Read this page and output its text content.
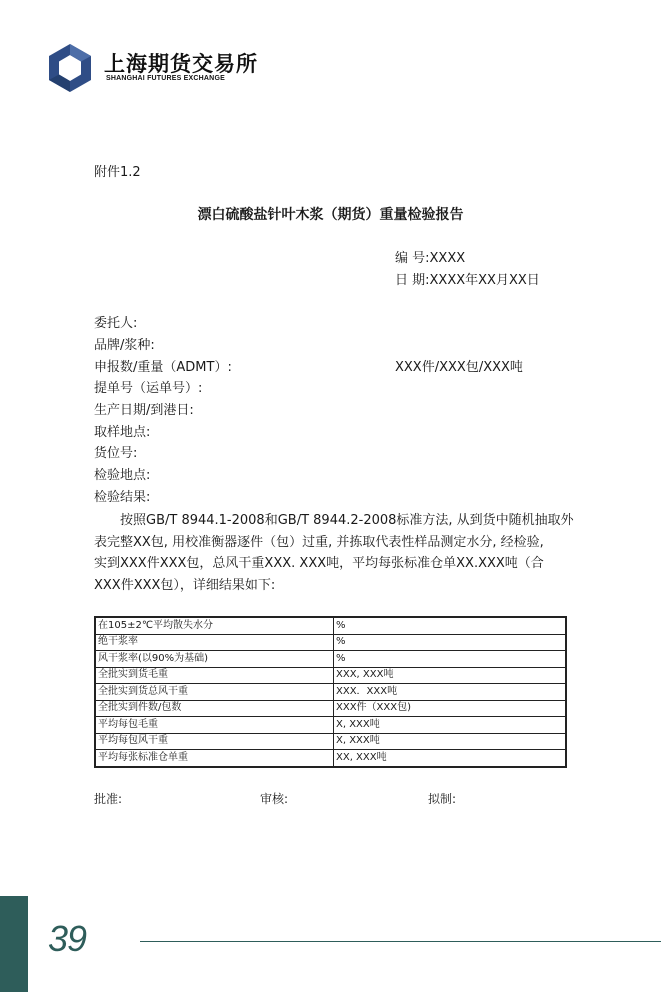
上海期货交易所
SHANGHAI FUTURES EXCHANGE
附件1.2
漂白硫酸盐针叶木浆（期货）重量检验报告
编 号:XXXX
日 期:XXXX年XX月XX日
委托人:
品牌/浆种:
申报数/重量（ADMT）:	XXX件/XXX包/XXX吨
提单号（运单号）:
生产日期/到港日:
取样地点:
货位号:
检验地点:
检验结果:
按照GB/T 8944.1-2008和GB/T 8944.2-2008标准方法, 从到货中随机抽取外
表完整XX包, 用校准衡器逐件（包）过重, 并拣取代表性样品测定水分, 经检验,
实到XXX件XXX包，总风干重XXX. XXX吨，平均每张标准仓单XX.XXX吨（合
XXX件XXX包），详细结果如下:
在105±2℃平均散失水分	%
绝干浆率	%
风干浆率(以90%为基础)	%
全批实到货毛重	XXX, XXX吨
全批实到货总风干重	XXX．XXX吨
全批实到件数/包数	XXX件（XXX包)
平均每包毛重	X, XXX吨
平均每包风干重	X, XXX吨
平均每张标准仓单重	XX, XXX吨
批准:	审核:	拟制:
39
